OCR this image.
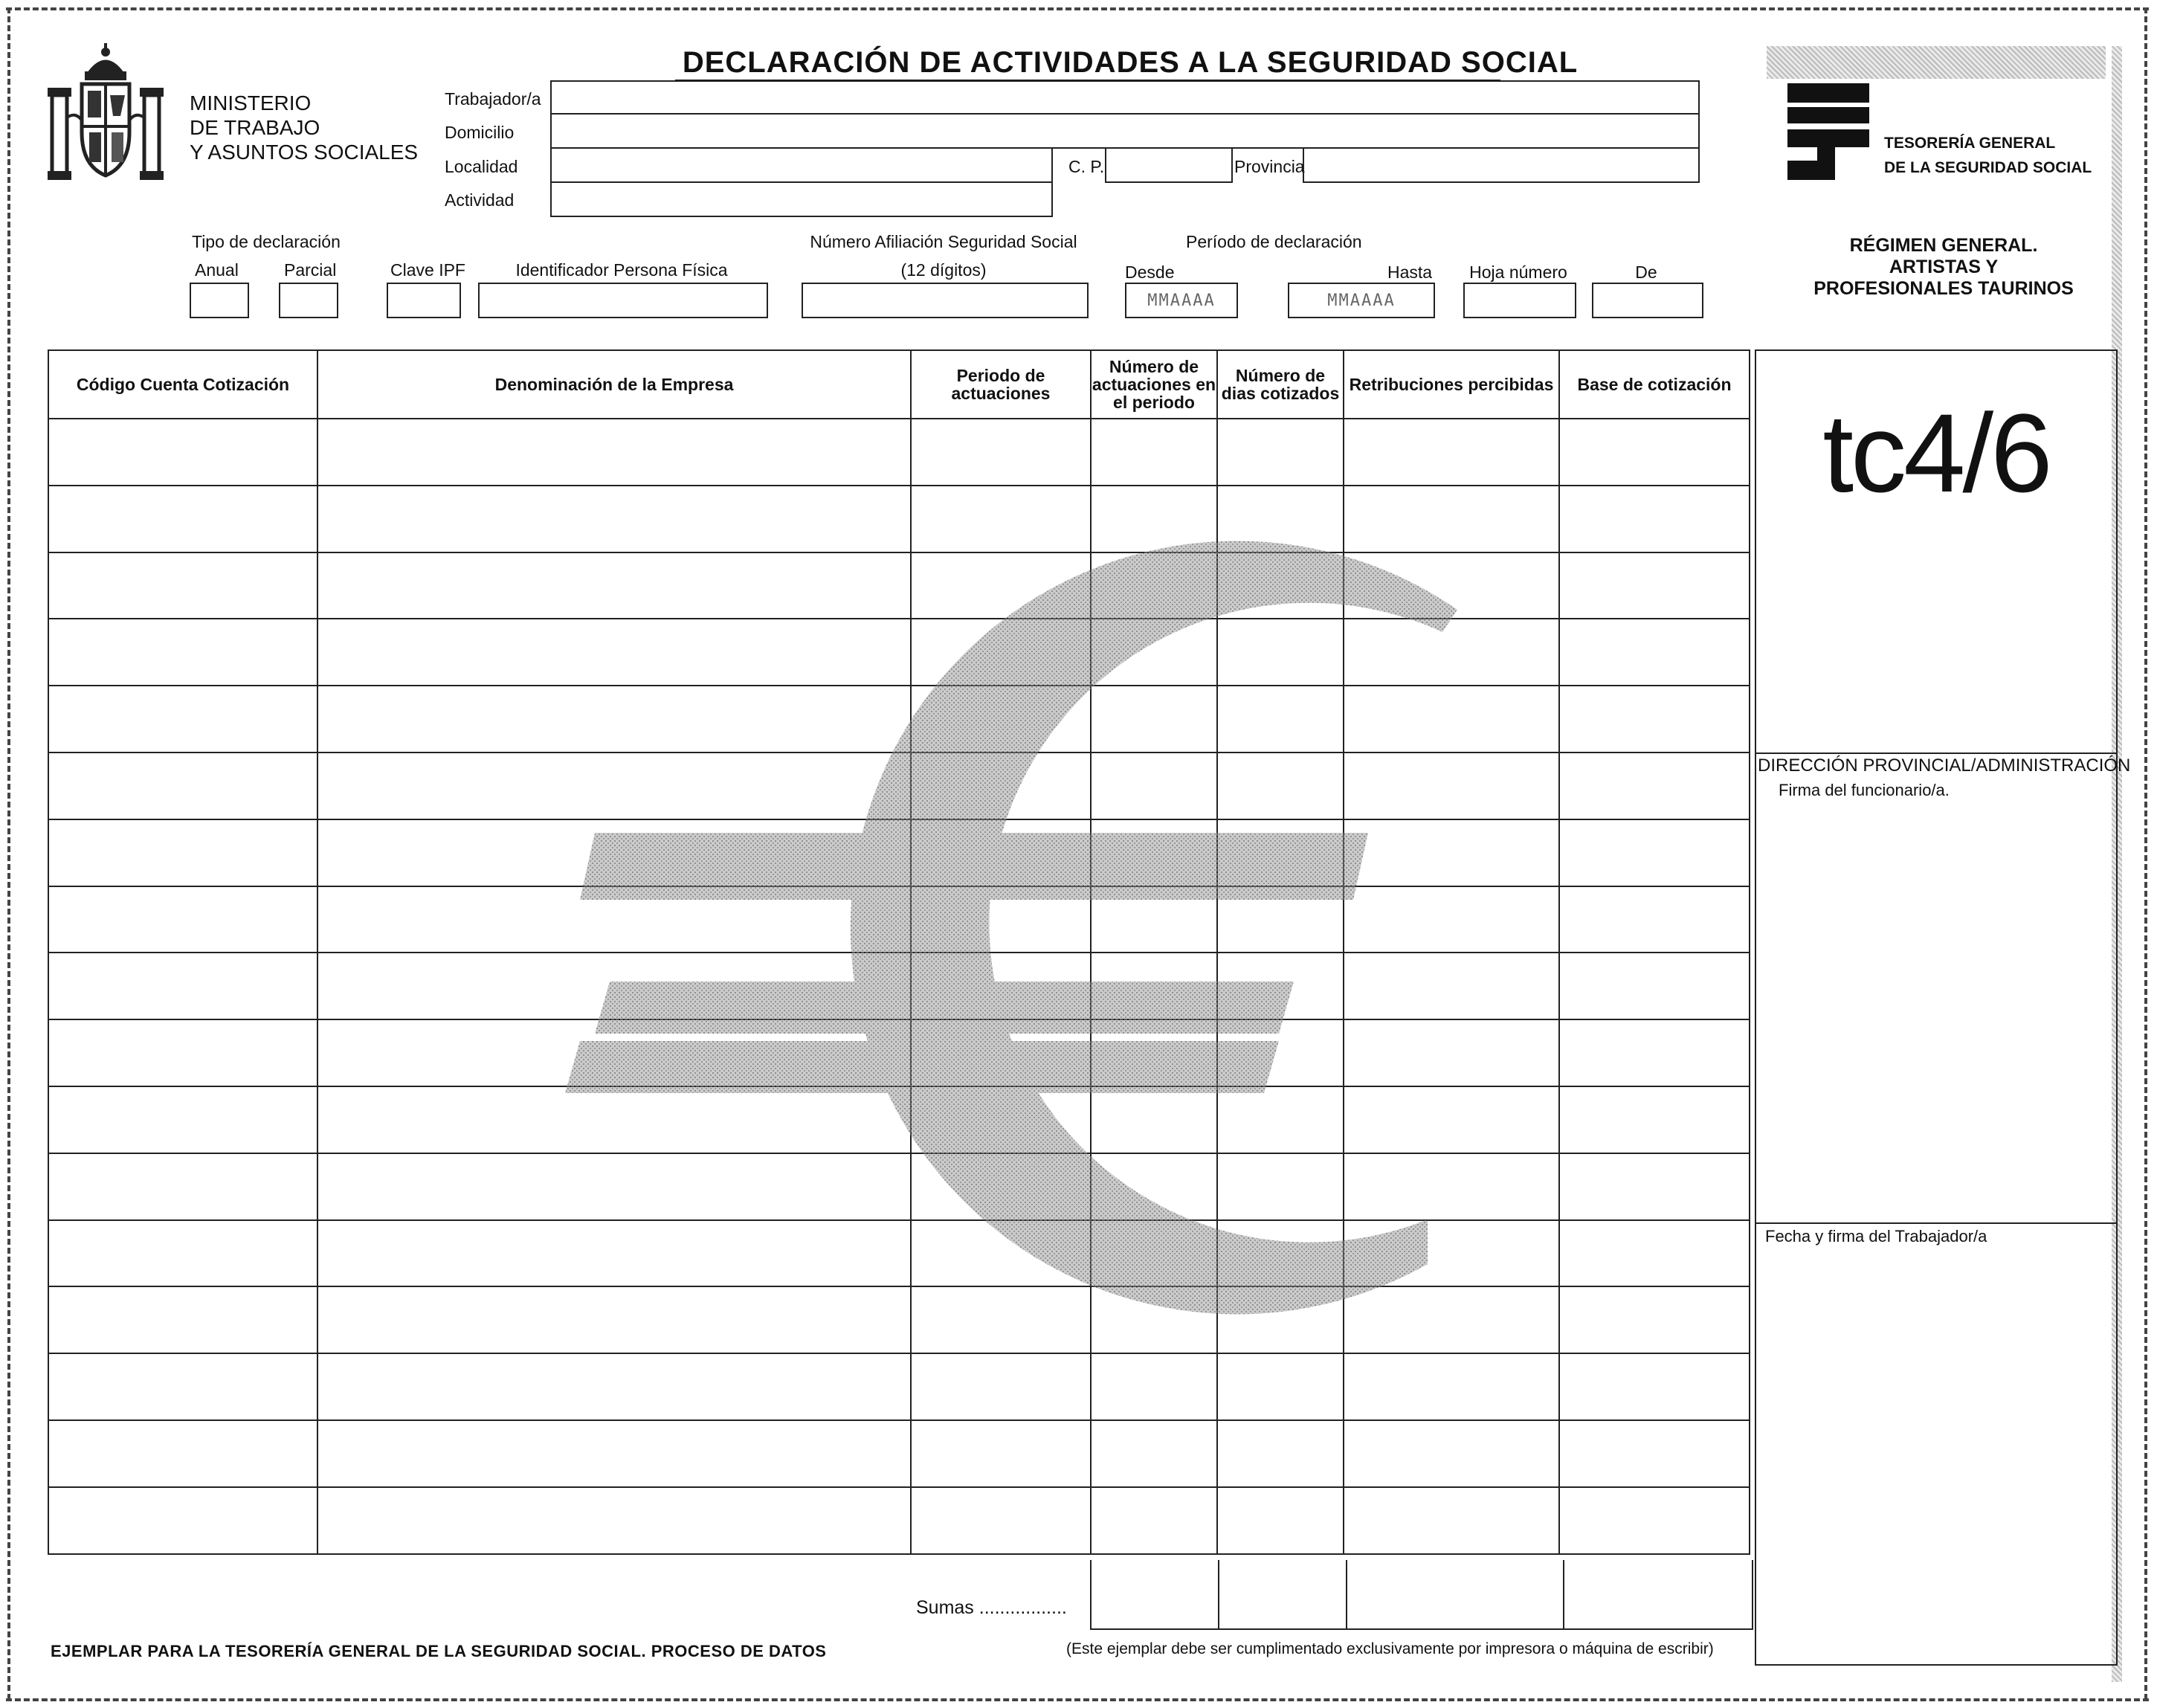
MINISTERIO
DE TRABAJO
Y ASUNTOS SOCIALES
DECLARACIÓN DE ACTIVIDADES A LA SEGURIDAD SOCIAL
Trabajador/a
Domicilio
Localidad	C. P.	Provincia
Actividad
TESORERÍA GENERAL
DE LA SEGURIDAD SOCIAL
Tipo de declaración
Anual	Parcial	Clave IPF	Identificador Persona Física
Número Afiliación Seguridad Social
(12 dígitos)
Período de declaración
Desde
MMAAAA
Hasta
MMAAAA
Hoja número	De
RÉGIMEN GENERAL.
ARTISTAS Y
PROFESIONALES TAURINOS
Código Cuenta Cotización	Denominación de la Empresa	Periodo de actuaciones	Número de actuaciones en el periodo	Número de dias cotizados	Retribuciones percibidas	Base de cotización

Sumas .................
tc4/6
DIRECCIÓN PROVINCIAL/ADMINISTRACIÓN
Firma del funcionario/a.
Fecha y firma del Trabajador/a
EJEMPLAR PARA LA TESORERÍA GENERAL DE LA SEGURIDAD SOCIAL. PROCESO DE DATOS	(Este ejemplar debe ser cumplimentado exclusivamente por impresora o máquina de escribir)
